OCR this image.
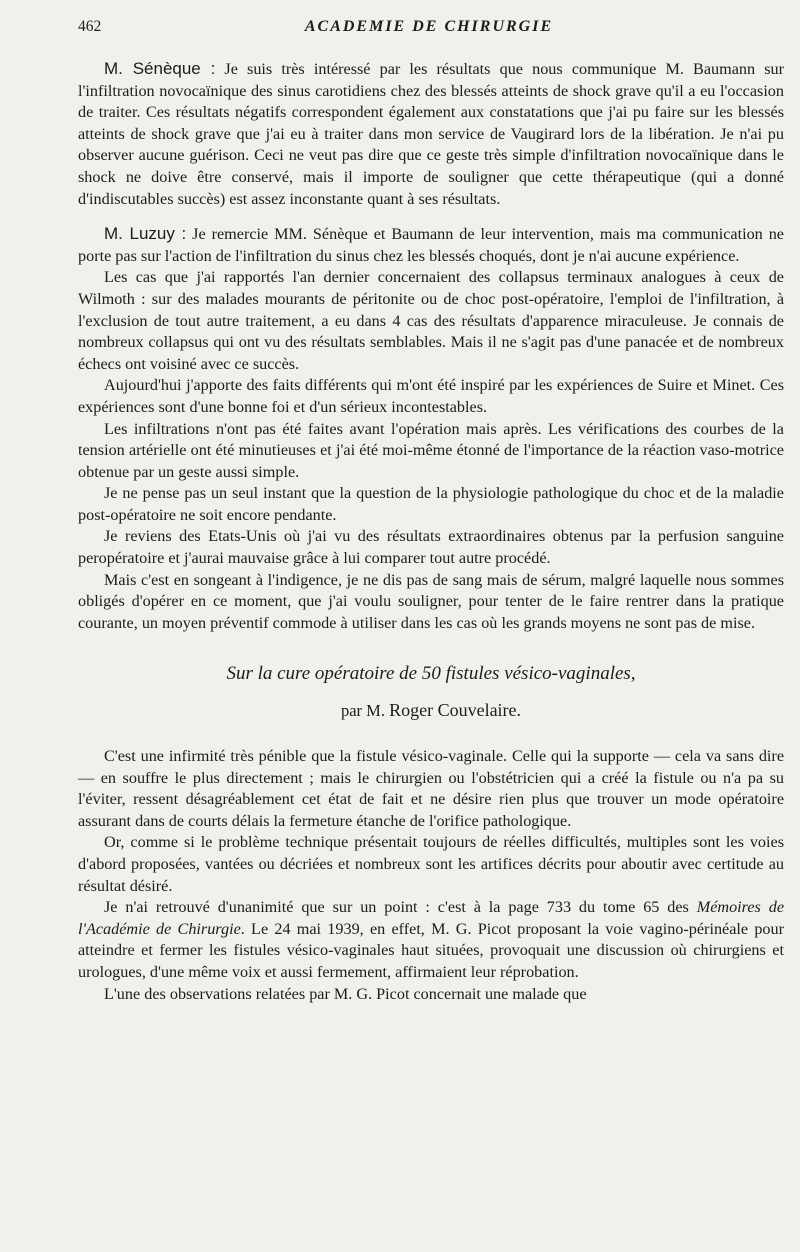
462	ACADEMIE DE CHIRURGIE

M. Sénèque : Je suis très intéressé par les résultats que nous communique M. Baumann sur l'infiltration novocaïnique des sinus carotidiens chez des blessés atteints de shock grave qu'il a eu l'occasion de traiter. Ces résultats négatifs correspondent également aux constatations que j'ai pu faire sur les blessés atteints de shock grave que j'ai eu à traiter dans mon service de Vaugirard lors de la libération. Je n'ai pu observer aucune guérison. Ceci ne veut pas dire que ce geste très simple d'infiltration novocaïnique dans le shock ne doive être conservé, mais il importe de souligner que cette thérapeutique (qui a donné d'indiscutables succès) est assez inconstante quant à ses résultats.

M. Luzuy : Je remercie MM. Sénèque et Baumann de leur intervention, mais ma communication ne porte pas sur l'action de l'infiltration du sinus chez les blessés choqués, dont je n'ai aucune expérience.

Les cas que j'ai rapportés l'an dernier concernaient des collapsus terminaux analogues à ceux de Wilmoth : sur des malades mourants de péritonite ou de choc post-opératoire, l'emploi de l'infiltration, à l'exclusion de tout autre traitement, a eu dans 4 cas des résultats d'apparence miraculeuse. Je connais de nombreux collapsus qui ont vu des résultats semblables. Mais il ne s'agit pas d'une panacée et de nombreux échecs ont voisiné avec ce succès.

Aujourd'hui j'apporte des faits différents qui m'ont été inspiré par les expériences de Suire et Minet. Ces expériences sont d'une bonne foi et d'un sérieux incontestables.

Les infiltrations n'ont pas été faites avant l'opération mais après. Les vérifications des courbes de la tension artérielle ont été minutieuses et j'ai été moi-même étonné de l'importance de la réaction vaso-motrice obtenue par un geste aussi simple.

Je ne pense pas un seul instant que la question de la physiologie pathologique du choc et de la maladie post-opératoire ne soit encore pendante.

Je reviens des Etats-Unis où j'ai vu des résultats extraordinaires obtenus par la perfusion sanguine peropératoire et j'aurai mauvaise grâce à lui comparer tout autre procédé.

Mais c'est en songeant à l'indigence, je ne dis pas de sang mais de sérum, malgré laquelle nous sommes obligés d'opérer en ce moment, que j'ai voulu souligner, pour tenter de le faire rentrer dans la pratique courante, un moyen préventif commode à utiliser dans les cas où les grands moyens ne sont pas de mise.

Sur la cure opératoire de 50 fistules vésico-vaginales,

par M. Roger Couvelaire.

C'est une infirmité très pénible que la fistule vésico-vaginale. Celle qui la supporte — cela va sans dire — en souffre le plus directement ; mais le chirurgien ou l'obstétricien qui a créé la fistule ou n'a pa su l'éviter, ressent désagréablement cet état de fait et ne désire rien plus que trouver un mode opératoire assurant dans de courts délais la fermeture étanche de l'orifice pathologique.

Or, comme si le problème technique présentait toujours de réelles difficultés, multiples sont les voies d'abord proposées, vantées ou décriées et nombreux sont les artifices décrits pour aboutir avec certitude au résultat désiré.

Je n'ai retrouvé d'unanimité que sur un point : c'est à la page 733 du tome 65 des Mémoires de l'Académie de Chirurgie. Le 24 mai 1939, en effet, M. G. Picot proposant la voie vagino-périnéale pour atteindre et fermer les fistules vésico-vaginales haut situées, provoquait une discussion où chirurgiens et urologues, d'une même voix et aussi fermement, affirmaient leur réprobation.

L'une des observations relatées par M. G. Picot concernait une malade que
